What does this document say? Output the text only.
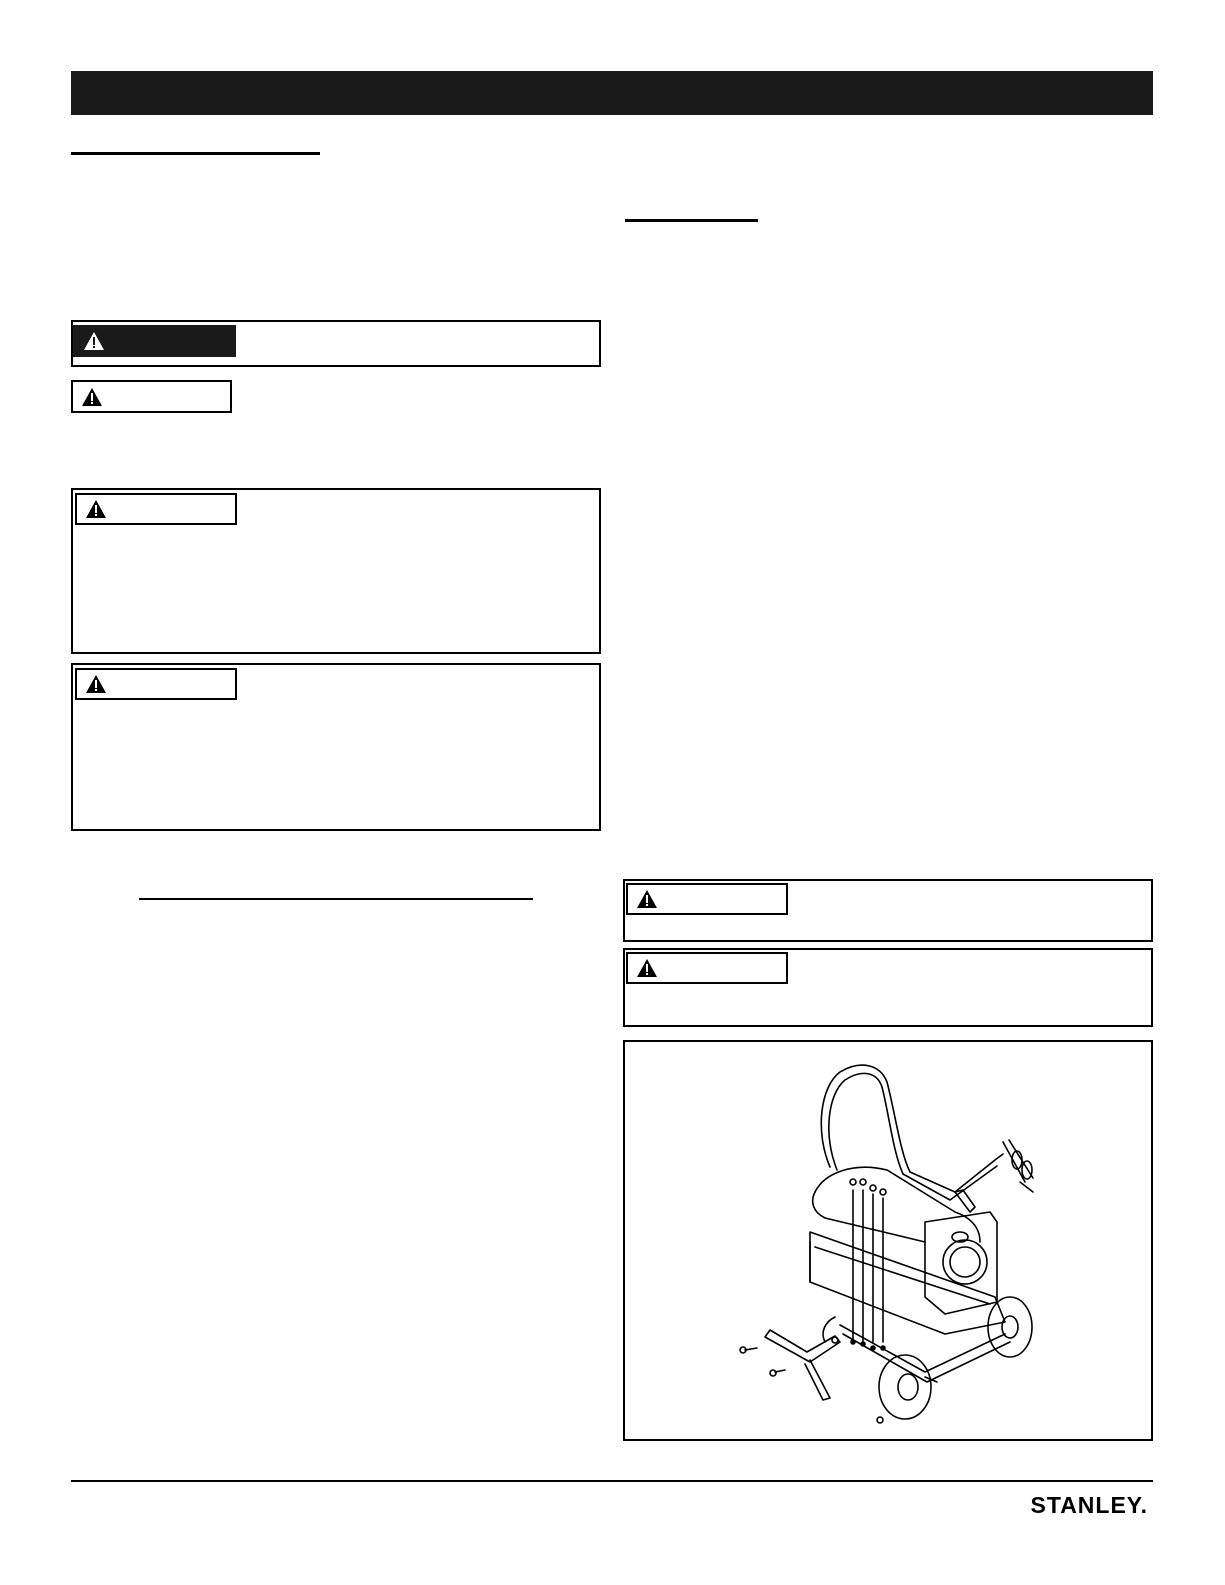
STANLEY.
